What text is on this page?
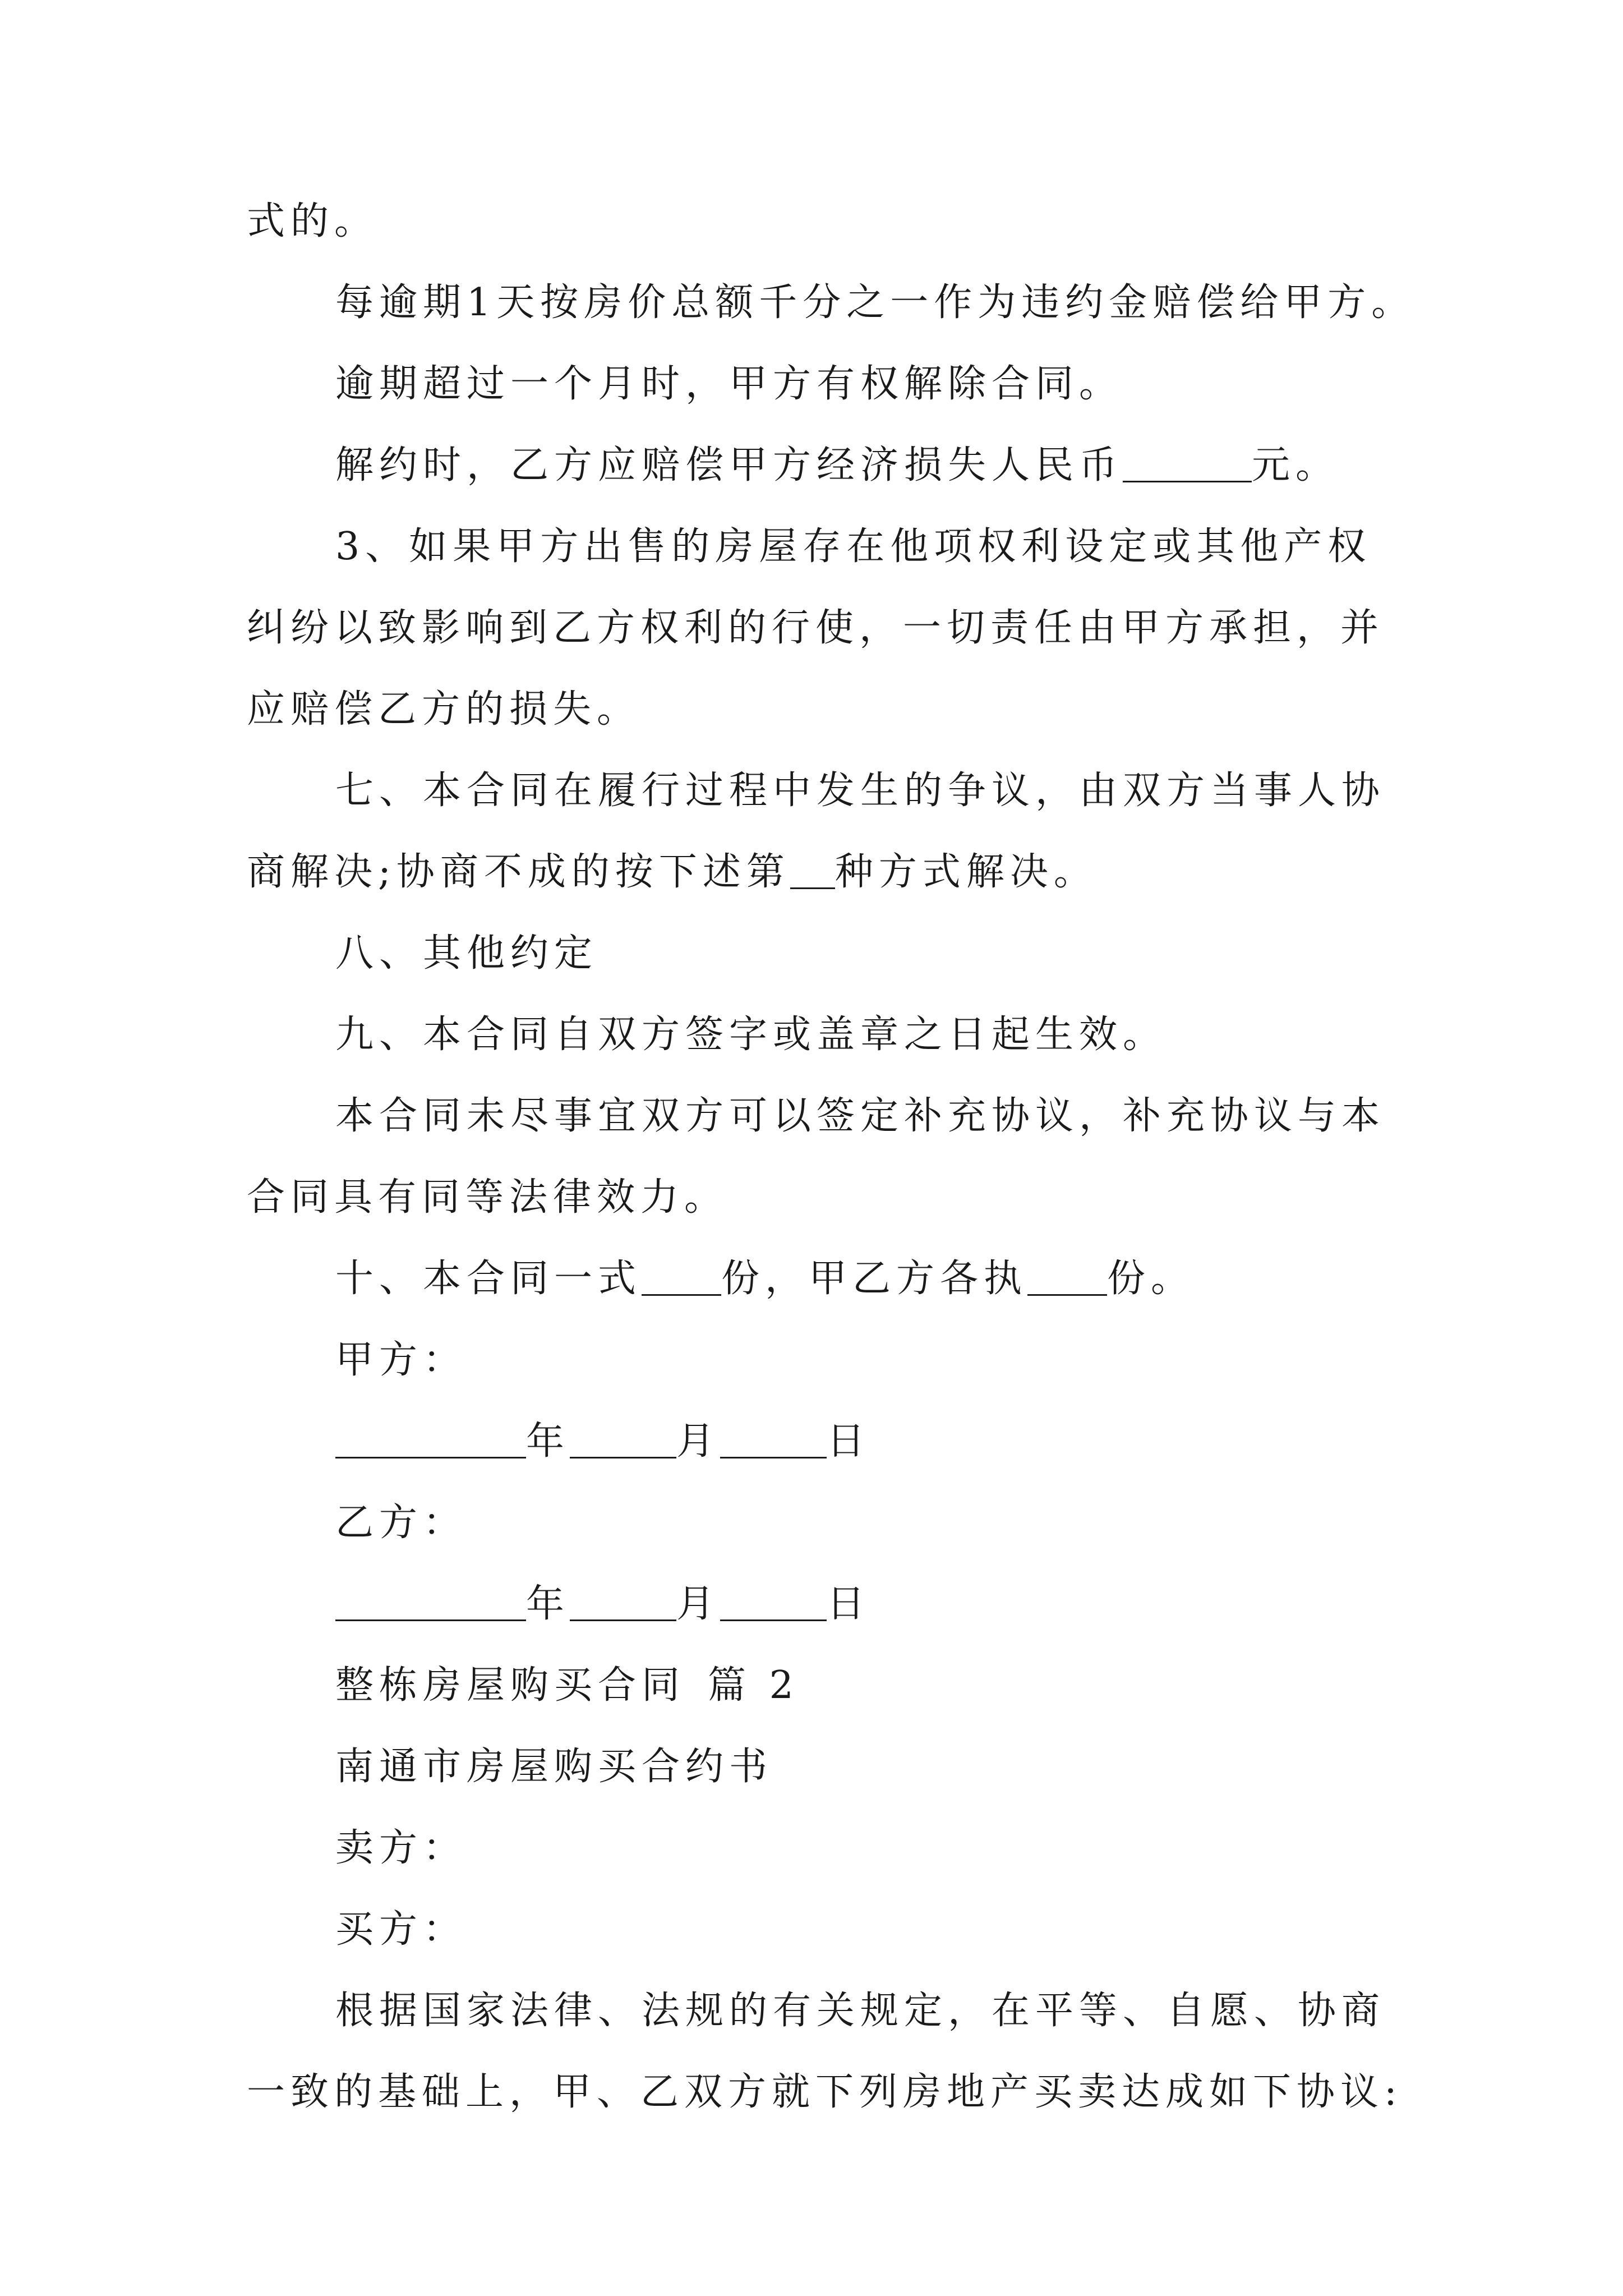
式的。
每逾期1天按房价总额千分之一作为违约金赔偿给甲方。
逾期超过一个月时，甲方有权解除合同。
解约时，乙方应赔偿甲方经济损失人民币	元。
3、如果甲方出售的房屋存在他项权利设定或其他产权
纠纷以致影响到乙方权利的行使，一切责任由甲方承担，并
应赔偿乙方的损失。
七、本合同在履行过程中发生的争议，由双方当事人协
商解决;协商不成的按下述第 种方式解决。
八、其他约定
九、本合同自双方签字或盖章之日起生效。
本合同未尽事宜双方可以签定补充协议，补充协议与本
合同具有同等法律效力。
十、本合同一式 份，甲乙方各执 份。
甲方：
年	月	日
乙方：
年	月	日
整栋房屋购买合同 篇 2
南通市房屋购买合约书
卖方：
买方：
根据国家法律、法规的有关规定，在平等、自愿、协商
一致的基础上，甲、乙双方就下列房地产买卖达成如下协议:
